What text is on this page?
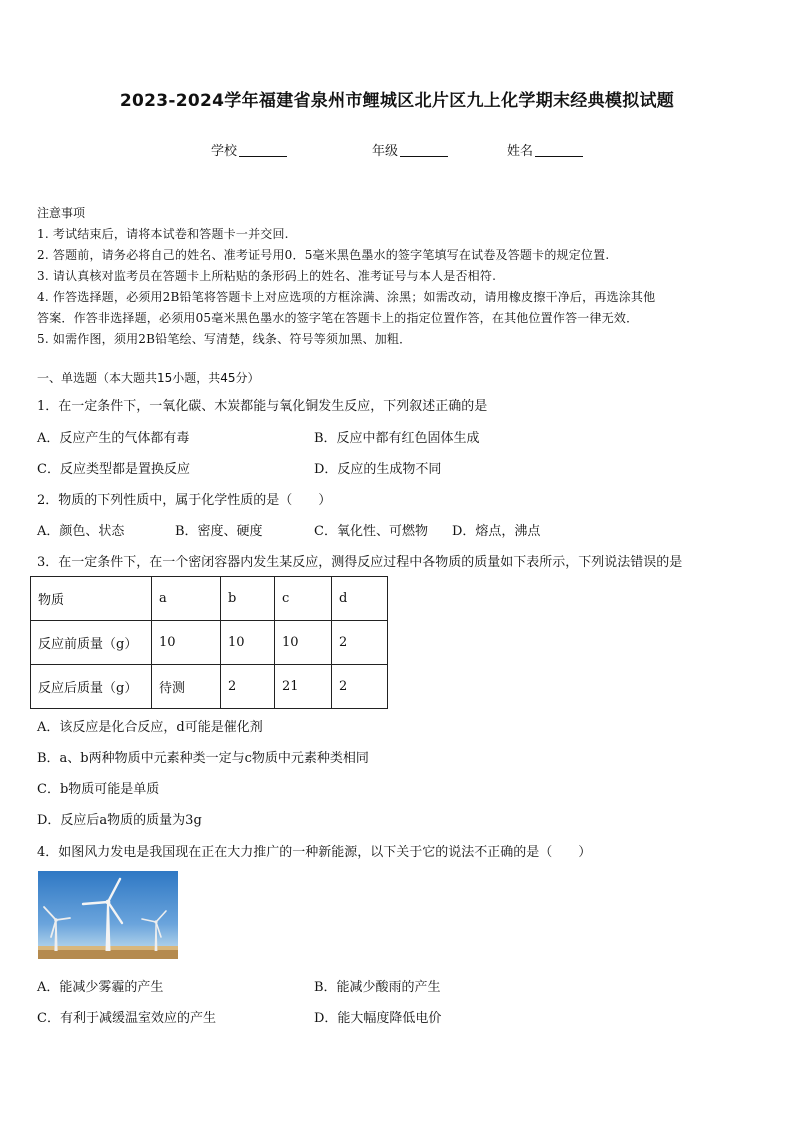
2023-2024学年福建省泉州市鲤城区北片区九上化学期末经典模拟试题
学校	年级	姓名
注意事项
1. 考试结束后，请将本试卷和答题卡一并交回.
2. 答题前，请务必将自己的姓名、准考证号用0．5毫米黑色墨水的签字笔填写在试卷及答题卡的规定位置.
3. 请认真核对监考员在答题卡上所粘贴的条形码上的姓名、准考证号与本人是否相符.
4. 作答选择题，必须用2B铅笔将答题卡上对应选项的方框涂满、涂黑；如需改动，请用橡皮擦干净后，再选涂其他
答案．作答非选择题，必须用05毫米黑色墨水的签字笔在答题卡上的指定位置作答，在其他位置作答一律无效．
5. 如需作图，须用2B铅笔绘、写清楚，线条、符号等须加黑、加粗．
一、单选题（本大题共15小题，共45分）
1．在一定条件下，一氧化碳、木炭都能与氧化铜发生反应，下列叙述正确的是
A．反应产生的气体都有毒	B．反应中都有红色固体生成
C．反应类型都是置换反应	D．反应的生成物不同
2．物质的下列性质中，属于化学性质的是（　　）
A．颜色、状态	B．密度、硬度	C．氧化性、可燃物 D．熔点，沸点
3．在一定条件下，在一个密闭容器内发生某反应，测得反应过程中各物质的质量如下表所示，下列说法错误的是
物质	a	b	c	d
反应前质量（g）	10	10	10	2
反应后质量（g）	待测	2	21	2
A．该反应是化合反应，d可能是催化剂
B．a、b两种物质中元素种类一定与c物质中元素种类相同
C．b物质可能是单质
D．反应后a物质的质量为3g
4．如图风力发电是我国现在正在大力推广的一种新能源，以下关于它的说法不正确的是（　　）
A．能减少雾霾的产生	B．能减少酸雨的产生
C．有利于减缓温室效应的产生	D．能大幅度降低电价
